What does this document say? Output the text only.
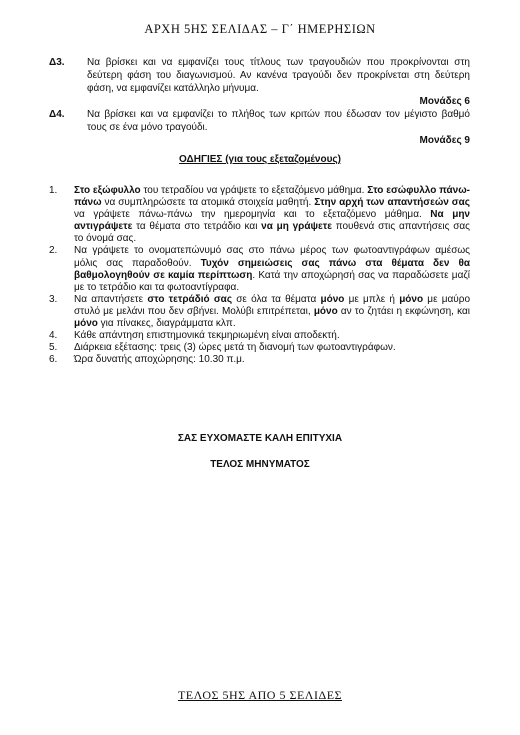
ΑΡΧΗ 5ΗΣ ΣΕΛΙΔΑΣ – Γ΄ ΗΜΕΡΗΣΙΩΝ
Δ3. Να βρίσκει και να εμφανίζει τους τίτλους των τραγουδιών που προκρίνονται στη δεύτερη φάση του διαγωνισμού. Αν κανένα τραγούδι δεν προκρίνεται στη δεύτερη φάση, να εμφανίζει κατάλληλο μήνυμα.
Μονάδες 6
Δ4. Να βρίσκει και να εμφανίζει το πλήθος των κριτών που έδωσαν τον μέγιστο βαθμό τους σε ένα μόνο τραγούδι.
Μονάδες 9
ΟΔΗΓΙΕΣ (για τους εξεταζομένους)
1. Στο εξώφυλλο του τετραδίου να γράψετε το εξεταζόμενο μάθημα. Στο εσώφυλλο πάνω-πάνω να συμπληρώσετε τα ατομικά στοιχεία μαθητή. Στην αρχή των απαντήσεών σας να γράψετε πάνω-πάνω την ημερομηνία και το εξεταζόμενο μάθημα. Να μην αντιγράψετε τα θέματα στο τετράδιο και να μη γράψετε πουθενά στις απαντήσεις σας το όνομά σας.
2. Να γράψετε το ονοματεπώνυμό σας στο πάνω μέρος των φωτοαντιγράφων αμέσως μόλις σας παραδοθούν. Τυχόν σημειώσεις σας πάνω στα θέματα δεν θα βαθμολογηθούν σε καμία περίπτωση. Κατά την αποχώρησή σας να παραδώσετε μαζί με το τετράδιο και τα φωτοαντίγραφα.
3. Να απαντήσετε στο τετράδιό σας σε όλα τα θέματα μόνο με μπλε ή μόνο με μαύρο στυλό με μελάνι που δεν σβήνει. Μολύβι επιτρέπεται, μόνο αν το ζητάει η εκφώνηση, και μόνο για πίνακες, διαγράμματα κλπ.
4. Κάθε απάντηση επιστημονικά τεκμηριωμένη είναι αποδεκτή.
5. Διάρκεια εξέτασης: τρεις (3) ώρες μετά τη διανομή των φωτοαντιγράφων.
6. Ώρα δυνατής αποχώρησης: 10.30 π.μ.
ΣΑΣ ΕΥΧΟΜΑΣΤΕ ΚΑΛΗ ΕΠΙΤΥΧΙΑ
ΤΕΛΟΣ ΜΗΝΥΜΑΤΟΣ
ΤΕΛΟΣ 5ΗΣ ΑΠΟ 5 ΣΕΛΙΔΕΣ
